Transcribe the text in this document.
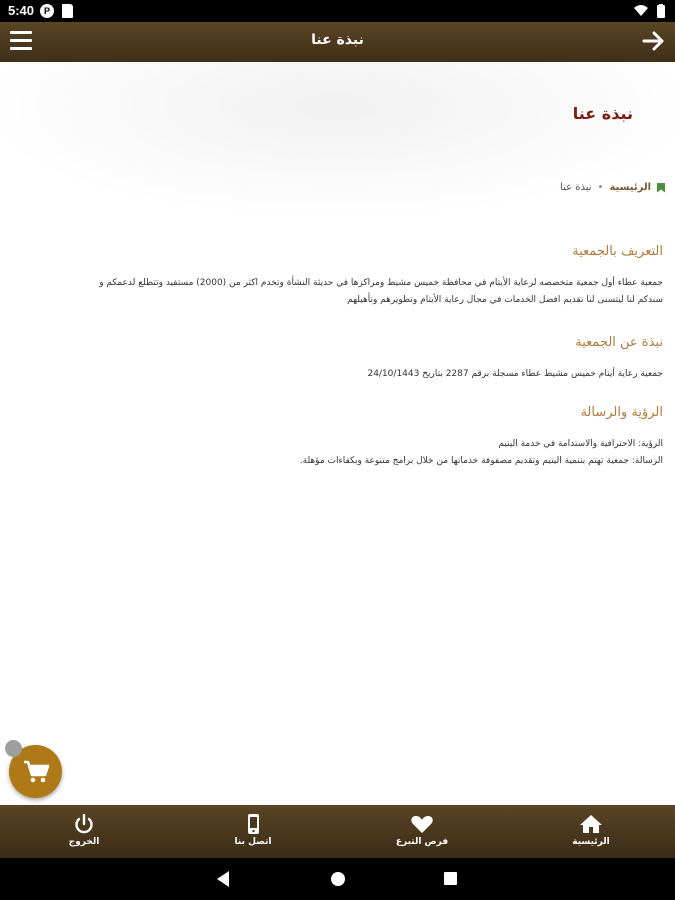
5:40	P
نبذة عنا
نبذة عنا
الرئيسية
•
نبذة عنا
التعريف بالجمعية
جمعية عطاء أول جمعية متخصصه لرعاية الأيتام في محافظة خميس مشيط ومراكزها في حديثة النشأة وتخدم اكثر من (2000) مستفيد وتتطلع لدعمكم و
سندكم لنا ليتسنى لنا تقديم افضل الخدمات في مجال رعاية الأيتام وتطويرهم وتأهيلهم
نبذة عن الجمعية
جمعية رعاية أيتام خميس مشيط عطاء مسجلة برقم 2287 بتاريخ 24/10/1443
الرؤية والرسالة
الرؤية: الاحترافية والاستدامة في خدمة اليتيم
الرسالة: جمعية تهتم بتنمية اليتيم وتقديم مصفوفة خدماتها من خلال برامج متنوعة وبكفاءات مؤهلة.
الرئيسية
فرص التبرع
اتصل بنا
الخروج
